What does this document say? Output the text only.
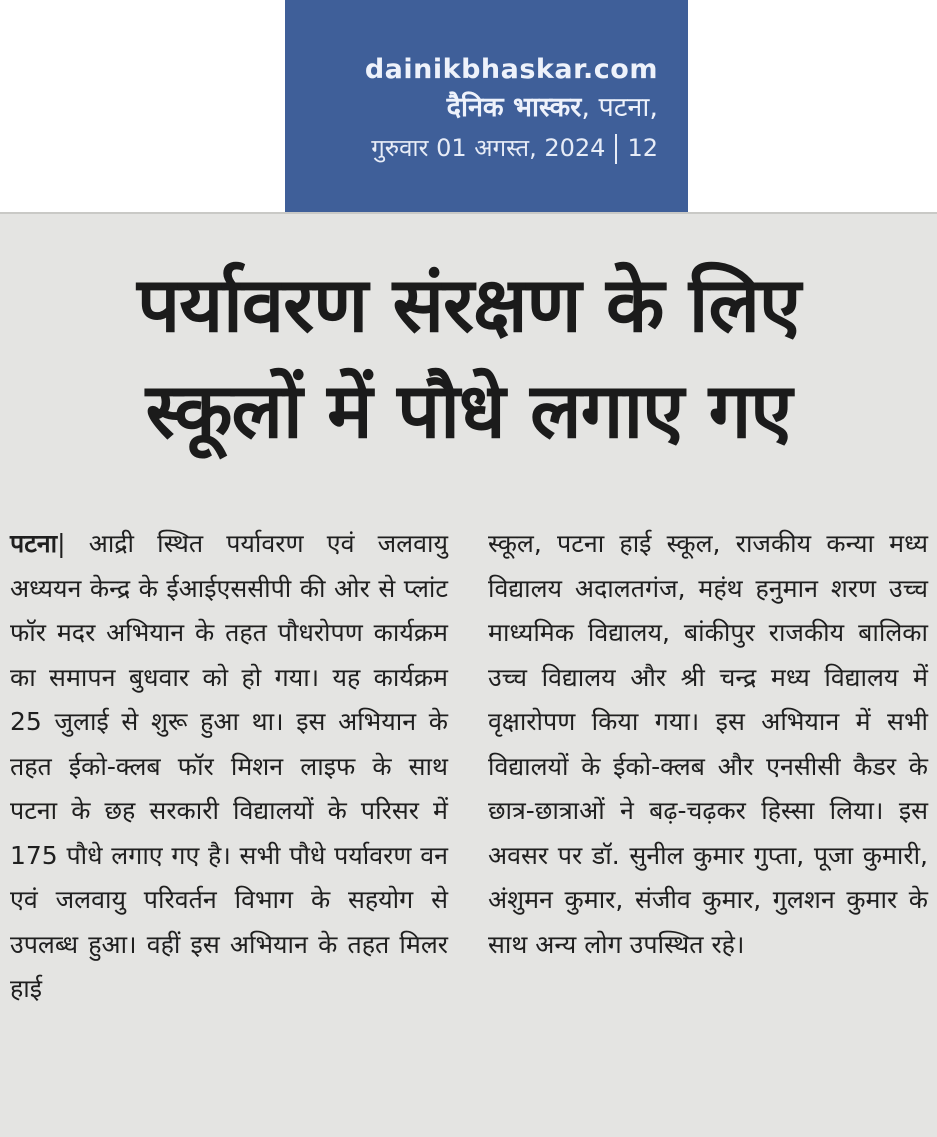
dainikbhaskar.com
दैनिक भास्कर, पटना,
गुरुवार 01 अगस्त, 2024 12
पर्यावरण संरक्षण के लिए
स्कूलों में पौधे लगाए गए

पटना| आद्री स्थित पर्यावरण एवं जलवायु अध्ययन केन्द्र के ईआईएससीपी की ओर से प्लांट फॉर मदर अभियान के तहत पौधरोपण कार्यक्रम का समापन बुधवार को हो गया। यह कार्यक्रम 25 जुलाई से शुरू हुआ था। इस अभियान के तहत ईको-क्लब फॉर मिशन लाइफ के साथ पटना के छह सरकारी विद्यालयों के परिसर में 175 पौधे लगाए गए है। सभी पौधे पर्यावरण वन एवं जलवायु परिवर्तन विभाग के सहयोग से उपलब्ध हुआ। वहीं इस अभियान के तहत मिलर हाई

स्कूल, पटना हाई स्कूल, राजकीय कन्या मध्य विद्यालय अदालतगंज, महंथ हनुमान शरण उच्च माध्यमिक विद्यालय, बांकीपुर राजकीय बालिका उच्च विद्यालय और श्री चन्द्र मध्य विद्यालय में वृक्षारोपण किया गया। इस अभियान में सभी विद्यालयों के ईको-क्लब और एनसीसी कैडर के छात्र-छात्राओं ने बढ़-चढ़कर हिस्सा लिया। इस अवसर पर डॉ. सुनील कुमार गुप्ता, पूजा कुमारी, अंशुमन कुमार, संजीव कुमार, गुलशन कुमार के साथ अन्य लोग उपस्थित रहे।
